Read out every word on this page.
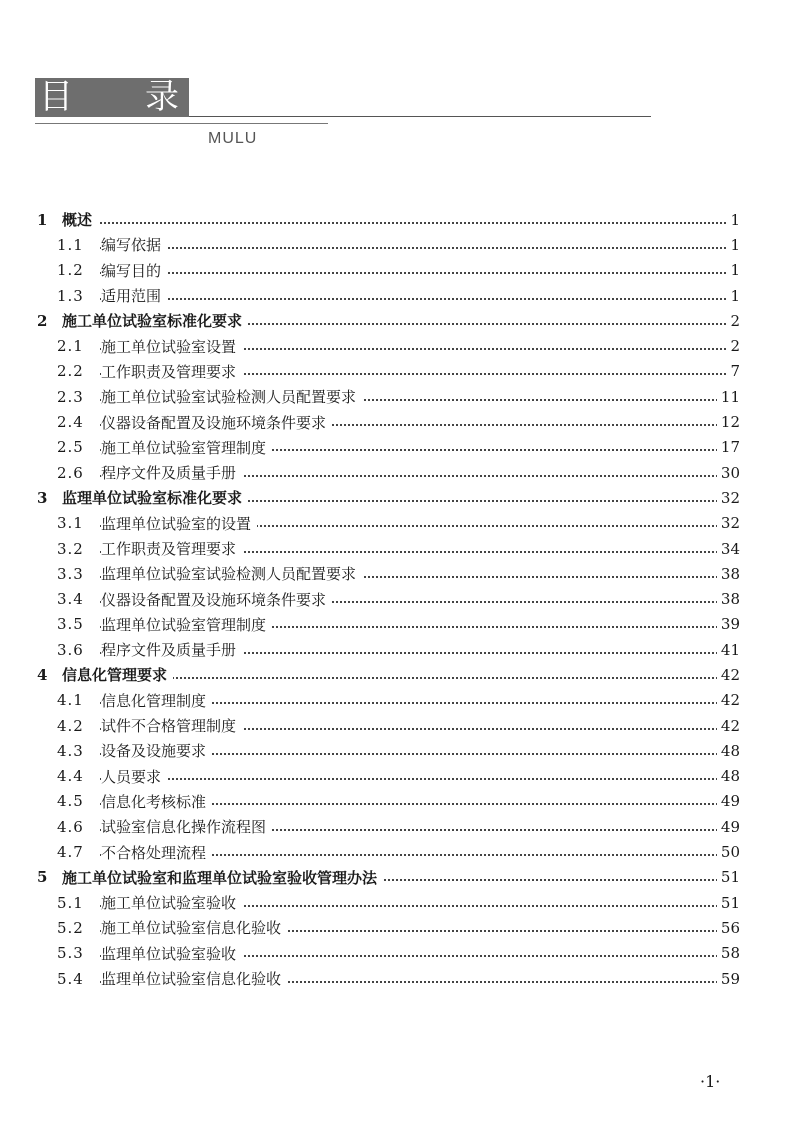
目 录
MULU
1 概述	1
1.1 编写依据	1
1.2 编写目的	1
1.3 适用范围	1
2 施工单位试验室标准化要求	2
2.1 施工单位试验室设置	2
2.2 工作职责及管理要求	7
2.3 施工单位试验室试验检测人员配置要求	11
2.4 仪器设备配置及设施环境条件要求	12
2.5 施工单位试验室管理制度	17
2.6 程序文件及质量手册	30
3 监理单位试验室标准化要求	32
3.1 监理单位试验室的设置	32
3.2 工作职责及管理要求	34
3.3 监理单位试验室试验检测人员配置要求	38
3.4 仪器设备配置及设施环境条件要求	38
3.5 监理单位试验室管理制度	39
3.6 程序文件及质量手册	41
4 信息化管理要求	42
4.1 信息化管理制度	42
4.2 试件不合格管理制度	42
4.3 设备及设施要求	48
4.4 人员要求	48
4.5 信息化考核标准	49
4.6 试验室信息化操作流程图	49
4.7 不合格处理流程	50
5 施工单位试验室和监理单位试验室验收管理办法	51
5.1 施工单位试验室验收	51
5.2 施工单位试验室信息化验收	56
5.3 监理单位试验室验收	58
5.4 监理单位试验室信息化验收	59
·1·
